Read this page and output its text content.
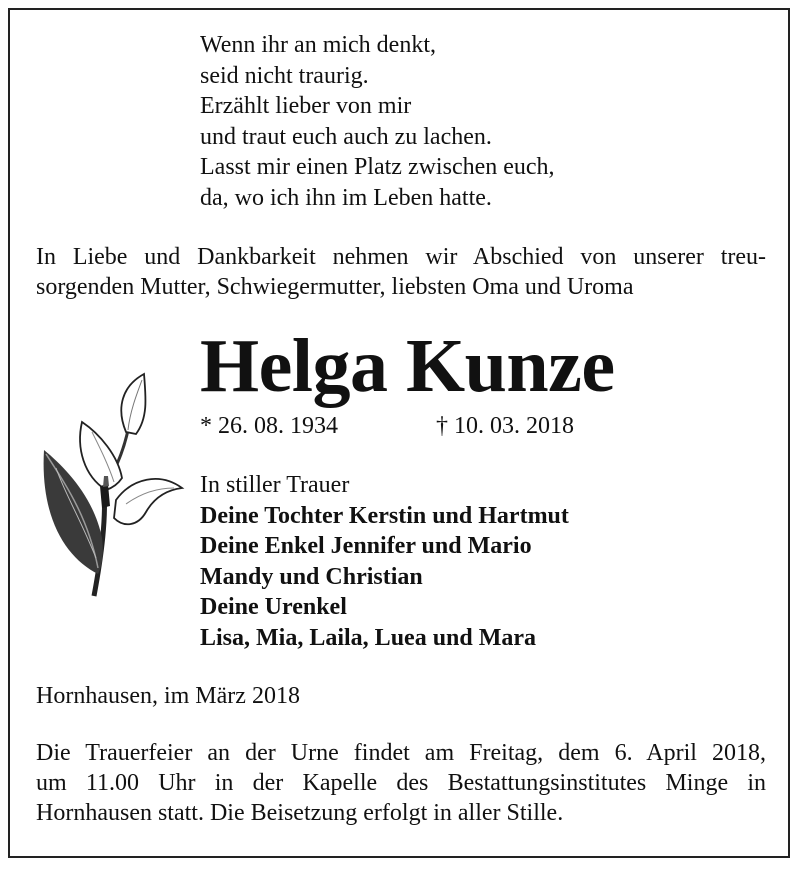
Wenn ihr an mich denkt,
seid nicht traurig.
Erzählt lieber von mir
und traut euch auch zu lachen.
Lasst mir einen Platz zwischen euch,
da, wo ich ihn im Leben hatte.
In Liebe und Dankbarkeit nehmen wir Abschied von unserer treu-
sorgenden Mutter, Schwiegermutter, liebsten Oma und Uroma
Helga Kunze
* 26. 08. 1934	† 10. 03. 2018
In stiller Trauer
Deine Tochter Kerstin und Hartmut
Deine Enkel Jennifer und Mario
Mandy und Christian
Deine Urenkel
Lisa, Mia, Laila, Luea und Mara
Hornhausen, im März 2018
Die Trauerfeier an der Urne findet am Freitag, dem 6. April 2018,
um 11.00 Uhr in der Kapelle des Bestattungsinstitutes Minge in
Hornhausen statt. Die Beisetzung erfolgt in aller Stille.
